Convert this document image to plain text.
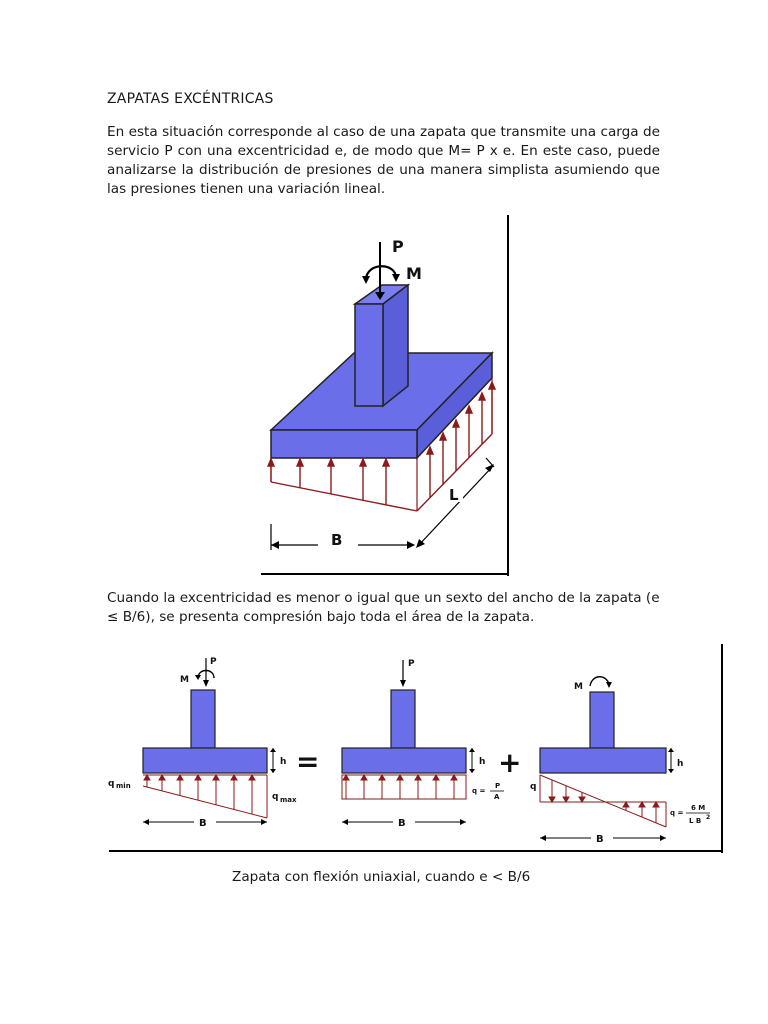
ZAPATAS EXCÉNTRICAS
En esta situación corresponde al caso de una zapata que transmite una carga de servicio P con una excentricidad e, de modo que M= P x e. En este caso, puede analizarse la distribución de presiones de una manera simplista asumiendo que las presiones tienen una variación lineal.
P
M
B
L
Cuando la excentricidad es menor o igual que un sexto del ancho de la zapata (e ≤ B/6), se presenta compresión bajo toda el área de la zapata.
P
M
h
q min
q max
B
=
P
h
q =
P
A
B
+
M
h
q
q =
6 M
L B 2
B
Zapata con flexión uniaxial, cuando e < B/6
